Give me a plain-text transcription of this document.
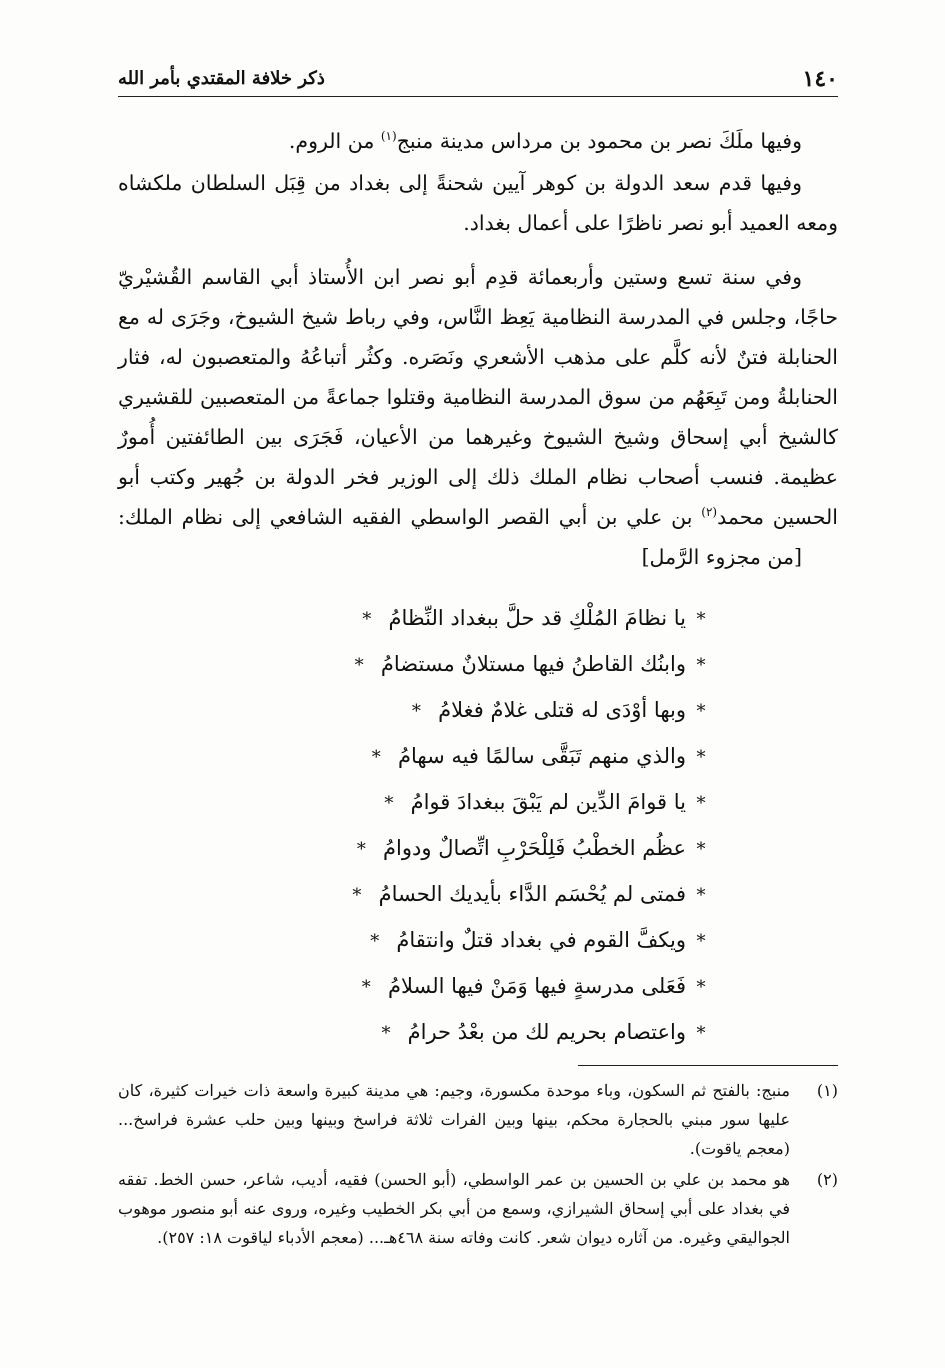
١٤٠
ذكر خلافة المقتدي بأمر الله

وفيها ملَكَ نصر بن محمود بن مرداس مدينة منبج$^{(١)}$ من الروم.

وفيها قدم سعد الدولة بن كوهر آيين شحنةً إلى بغداد من قِبَل السلطان ملكشاه ومعه العميد أبو نصر ناظرًا على أعمال بغداد.

وفي سنة تسع وستين وأربعمائة قدِم أبو نصر ابن الأُستاذ أبي القاسم القُشيْريّ حاجًا، وجلس في المدرسة النظامية يَعِظ النَّاس، وفي رباط شيخ الشيوخ، وجَرَى له مع الحنابلة فتنٌ لأنه كلَّم على مذهب الأشعري ونَصَره. وكثُر أتباعُهُ والمتعصبون له، فثار الحنابلةُ ومن تَبِعَهُم من سوق المدرسة النظامية وقتلوا جماعةً من المتعصبين للقشيري كالشيخ أبي إسحاق وشيخ الشيوخ وغيرهما من الأعيان، فَجَرَى بين الطائفتين أُمورٌ عظيمة. فنسب أصحاب نظام الملك ذلك إلى الوزير فخر الدولة بن جُهير وكتب أبو الحسين محمد$^{(٢)}$ بن علي بن أبي القصر الواسطي الفقيه الشافعي إلى نظام الملك: [من مجزوء الرَّمل]

*يا نظامَ المُلْكِ قد حلَّ ببغداد النِّظامُ *
*وابنُك القاطنُ فيها مستلانٌ مستضامُ *
*وبها أوْدَى له قتلى غلامٌ فغلامُ *
*والذي منهم تَبَقَّى سالمًا فيه سهامُ *
*يا قوامَ الدِّين لم يَبْقَ ببغدادَ قوامُ *
*عظُم الخطْبُ فَلِلْحَرْبِ اتِّصالٌ ودوامُ *
*فمتى لم يُحْسَم الدَّاء بأيديك الحسامُ *
*ويكفَّ القوم في بغداد قتلٌ وانتقامُ *
*فَعَلى مدرسةٍ فيها وَمَنْ فيها السلامُ *
*واعتصام بحريم لك من بعْدُ حرامُ *
(١)
منبج: بالفتح ثم السكون، وباء موحدة مكسورة، وجيم: هي مدينة كبيرة واسعة ذات خيرات كثيرة، كان عليها سور مبني بالحجارة محكم، بينها وبين الفرات ثلاثة فراسخ وبينها وبين حلب عشرة فراسخ... (معجم ياقوت).
(٢)
هو محمد بن علي بن الحسين بن عمر الواسطي، (أبو الحسن) فقيه، أديب، شاعر، حسن الخط. تفقه في بغداد على أبي إسحاق الشيرازي، وسمع من أبي بكر الخطيب وغيره، وروى عنه أبو منصور موهوب الجواليقي وغيره. من آثاره ديوان شعر. كانت وفاته سنة ٤٦٨هـ... (معجم الأدباء لياقوت ١٨: ٢٥٧).
